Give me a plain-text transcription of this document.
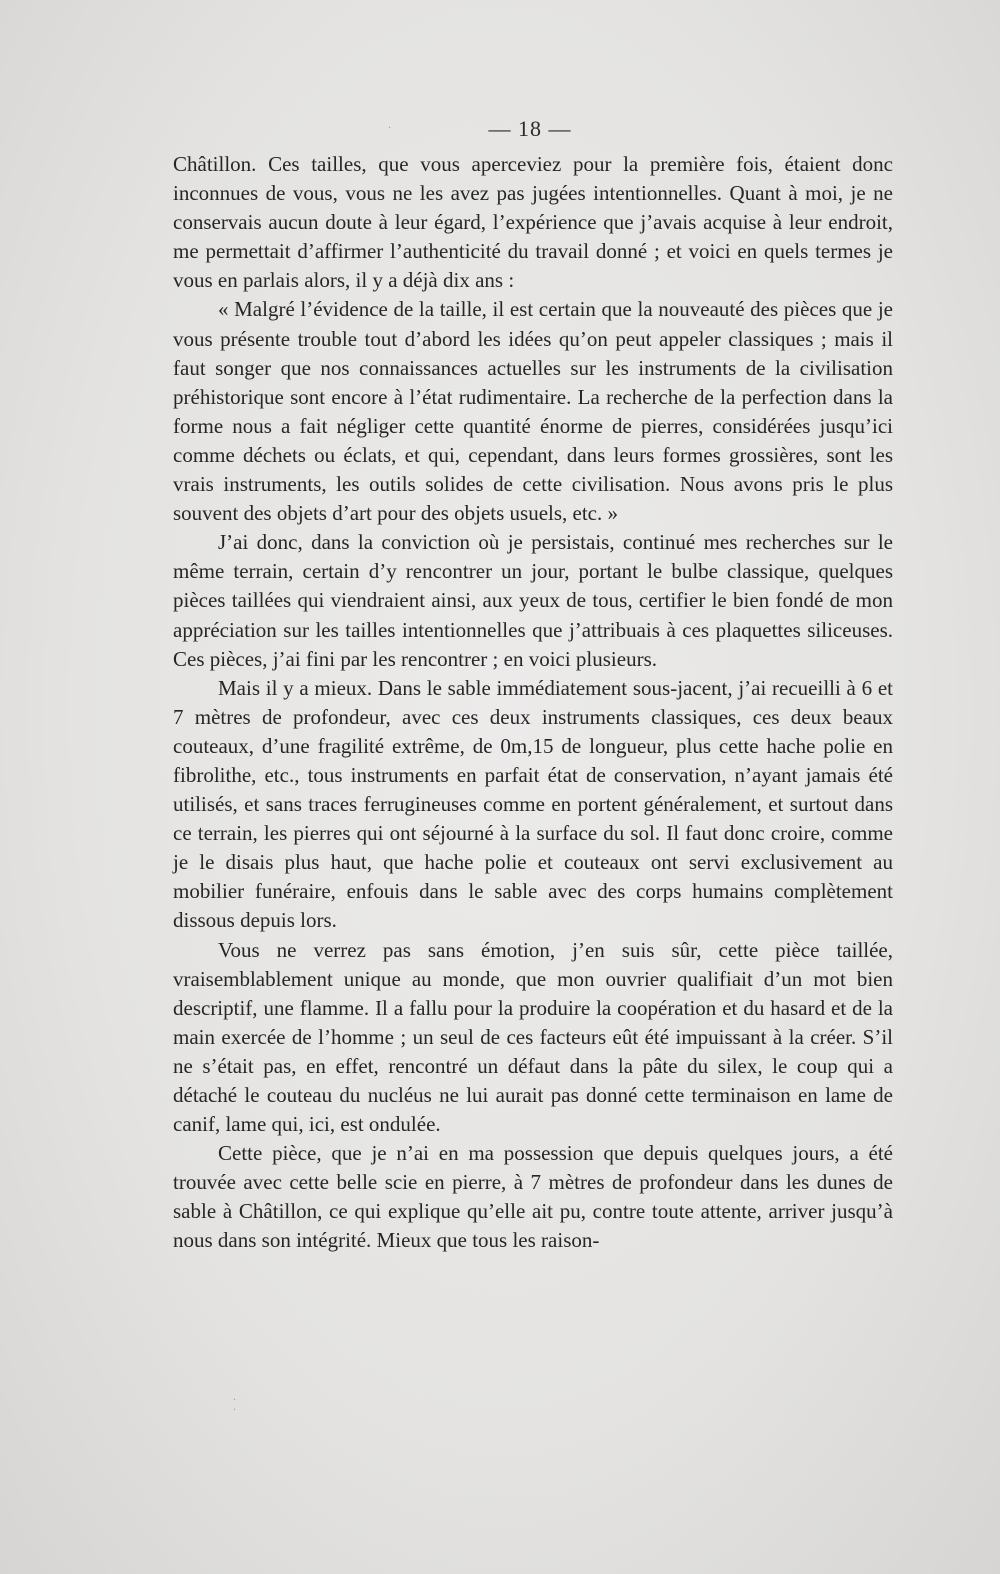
— 18 —

Châtillon. Ces tailles, que vous aperceviez pour la première fois, étaient donc inconnues de vous, vous ne les avez pas jugées intentionnelles. Quant à moi, je ne conservais aucun doute à leur égard, l’expérience que j’avais acquise à leur endroit, me permettait d’affirmer l’authenticité du travail donné ; et voici en quels termes je vous en parlais alors, il y a déjà dix ans :

« Malgré l’évidence de la taille, il est certain que la nouveauté des pièces que je vous présente trouble tout d’abord les idées qu’on peut appeler classiques ; mais il faut songer que nos connaissances actuelles sur les instruments de la civilisation préhistorique sont encore à l’état rudimentaire. La recherche de la perfection dans la forme nous a fait négliger cette quantité énorme de pierres, considérées jusqu’ici comme déchets ou éclats, et qui, cependant, dans leurs formes grossières, sont les vrais instruments, les outils solides de cette civilisation. Nous avons pris le plus souvent des objets d’art pour des objets usuels, etc. »

J’ai donc, dans la conviction où je persistais, continué mes recherches sur le même terrain, certain d’y rencontrer un jour, portant le bulbe classique, quelques pièces taillées qui viendraient ainsi, aux yeux de tous, certifier le bien fondé de mon appréciation sur les tailles intentionnelles que j’attribuais à ces plaquettes siliceuses. Ces pièces, j’ai fini par les rencontrer ; en voici plusieurs.

Mais il y a mieux. Dans le sable immédiatement sous-jacent, j’ai recueilli à 6 et 7 mètres de profondeur, avec ces deux instruments classiques, ces deux beaux couteaux, d’une fragilité extrême, de 0m,15 de longueur, plus cette hache polie en fibrolithe, etc., tous instruments en parfait état de conservation, n’ayant jamais été utilisés, et sans traces ferrugineuses comme en portent généralement, et surtout dans ce terrain, les pierres qui ont séjourné à la surface du sol. Il faut donc croire, comme je le disais plus haut, que hache polie et couteaux ont servi exclusivement au mobilier funéraire, enfouis dans le sable avec des corps humains complètement dissous depuis lors.

Vous ne verrez pas sans émotion, j’en suis sûr, cette pièce taillée, vraisemblablement unique au monde, que mon ouvrier qualifiait d’un mot bien descriptif, une flamme. Il a fallu pour la produire la coopération et du hasard et de la main exercée de l’homme ; un seul de ces facteurs eût été impuissant à la créer. S’il ne s’était pas, en effet, rencontré un défaut dans la pâte du silex, le coup qui a détaché le couteau du nucléus ne lui aurait pas donné cette terminaison en lame de canif, lame qui, ici, est ondulée.

Cette pièce, que je n’ai en ma possession que depuis quelques jours, a été trouvée avec cette belle scie en pierre, à 7 mètres de profondeur dans les dunes de sable à Châtillon, ce qui explique qu’elle ait pu, contre toute attente, arriver jusqu’à nous dans son intégrité. Mieux que tous les raison-

·
·
·
